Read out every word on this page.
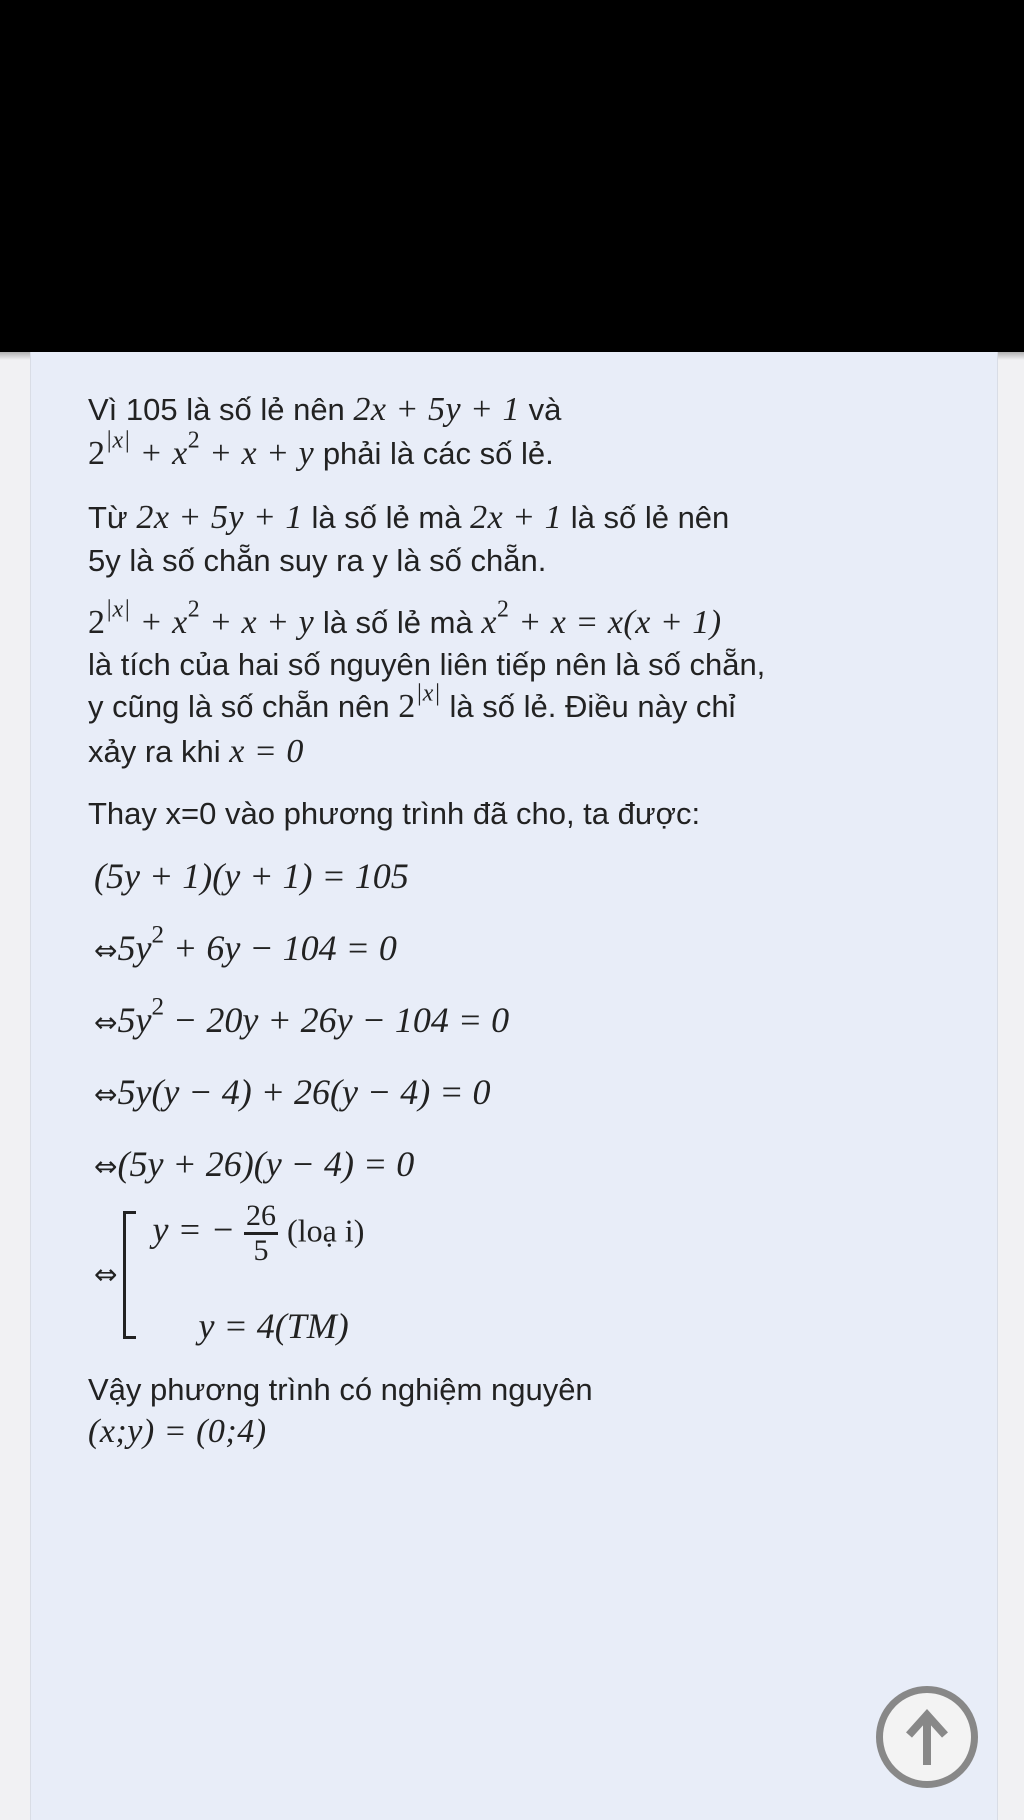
Vì 105 là số lẻ nên 2x + 5y + 1 và
$2^{|x|} + x^2 + x + y$ phải là các số lẻ.

Từ 2x + 5y + 1 là số lẻ mà 2x + 1 là số lẻ nên
5y là số chẵn suy ra y là số chẵn.

$2^{|x|} + x^2 + x + y$ là số lẻ mà $x^2 + x = x(x + 1)$
là tích của hai số nguyên liên tiếp nên là số chẵn,
y cũng là số chẵn nên $2^{|x|}$ là số lẻ. Điều này chỉ
xảy ra khi x = 0

Thay x=0 vào phương trình đã cho, ta được:

(5y + 1)(y + 1) = 105
$\Leftrightarrow 5y^2 + 6y - 104 = 0$
$\Leftrightarrow 5y^2 - 20y + 26y - 104 = 0$
⇔5y(y − 4) + 26(y − 4) = 0
⇔(5y + 26)(y − 4) = 0
⇔
y = − $\frac{26}{5}$ (loạ i)
y = 4(TM)

Vậy phương trình có nghiệm nguyên
(x;y) = (0;4)
